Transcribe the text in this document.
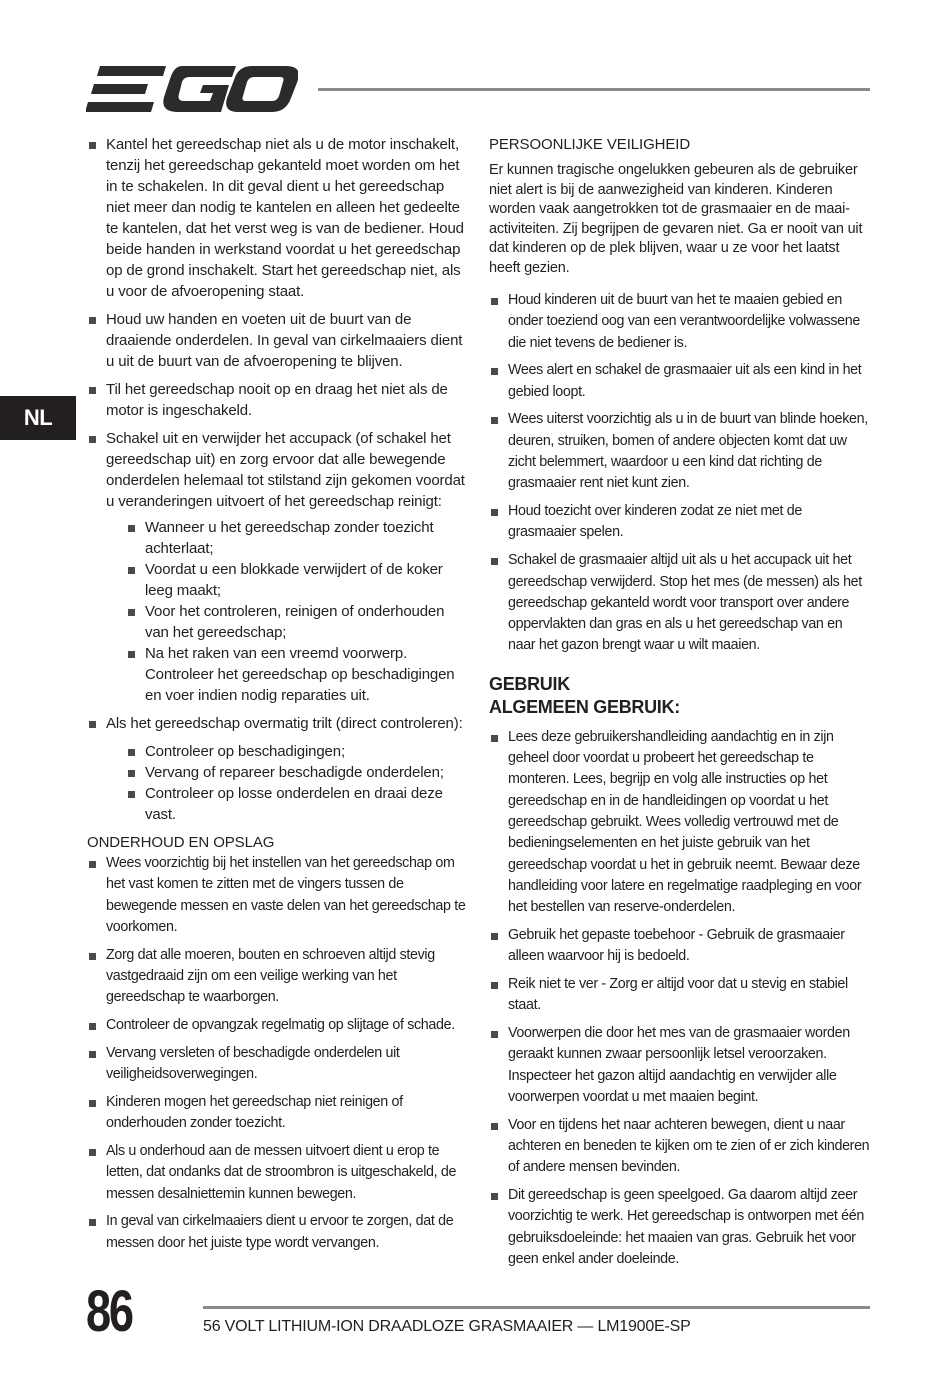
NL
Kantel het gereedschap niet als u de motor inschakelt, tenzij het gereedschap gekanteld moet worden om het in te schakelen. In dit geval dient u het gereedschap niet meer dan nodig te kantelen en alleen het gedeelte te kantelen, dat het verst weg is van de bediener. Houd beide handen in werkstand voordat u het gereedschap op de grond inschakelt. Start het gereedschap niet, als u voor de afvoeropening staat.
Houd uw handen en voeten uit de buurt van de draaiende onderdelen. In geval van cirkelmaaiers dient u uit de buurt van de afvoeropening te blijven.
Til het gereedschap nooit op en draag het niet als de motor is ingeschakeld.
Schakel uit en verwijder het accupack (of schakel het gereedschap uit) en zorg ervoor dat alle bewegende onderdelen helemaal tot stilstand zijn gekomen voordat u veranderingen uitvoert of het gereedschap reinigt:
Wanneer u het gereedschap zonder toezicht achterlaat;
Voordat u een blokkade verwijdert of de koker leeg maakt;
Voor het controleren, reinigen of onderhouden van het gereedschap;
Na het raken van een vreemd voorwerp. Controleer het gereedschap op beschadigingen en voer indien nodig reparaties uit.
Als het gereedschap overmatig trilt (direct controleren):
Controleer op beschadigingen;
Vervang of repareer beschadigde onderdelen;
Controleer op losse onderdelen en draai deze vast.
ONDERHOUD EN OPSLAG
Wees voorzichtig bij het instellen van het gereedschap om het vast komen te zitten met de vingers tussen de bewegende messen en vaste delen van het gereedschap te voorkomen.
Zorg dat alle moeren, bouten en schroeven altijd stevig vastgedraaid zijn om een veilige werking van het gereedschap te waarborgen.
Controleer de opvangzak regelmatig op slijtage of schade.
Vervang versleten of beschadigde onderdelen uit veiligheidsoverwegingen.
Kinderen mogen het gereedschap niet reinigen of onderhouden zonder toezicht.
Als u onderhoud aan de messen uitvoert dient u erop te letten, dat ondanks dat de stroombron is uitgeschakeld, de messen desalniettemin kunnen bewegen.
In geval van cirkelmaaiers dient u ervoor te zorgen, dat de messen door het juiste type wordt vervangen.
PERSOONLIJKE VEILIGHEID

Er kunnen tragische ongelukken gebeuren als de gebruiker niet alert is bij de aanwezigheid van kinderen. Kinderen worden vaak aangetrokken tot de grasmaaier en de maai-activiteiten. Zij begrijpen de gevaren niet. Ga er nooit van uit dat kinderen op de plek blijven, waar u ze voor het laatst heeft gezien.

Houd kinderen uit de buurt van het te maaien gebied en onder toeziend oog van een verantwoordelijke volwassene die niet tevens de bediener is.
Wees alert en schakel de grasmaaier uit als een kind in het gebied loopt.
Wees uiterst voorzichtig als u in de buurt van blinde hoeken, deuren, struiken, bomen of andere objecten komt dat uw zicht belemmert, waardoor u een kind dat richting de grasmaaier rent niet kunt zien.
Houd toezicht over kinderen zodat ze niet met de grasmaaier spelen.
Schakel de grasmaaier altijd uit als u het accupack uit het gereedschap verwijderd. Stop het mes (de messen) als het gereedschap gekanteld wordt voor transport over andere oppervlakten dan gras en als u het gereedschap van en naar het gazon brengt waar u wilt maaien.
GEBRUIK
ALGEMEEN GEBRUIK:
Lees deze gebruikershandleiding aandachtig en in zijn geheel door voordat u probeert het gereedschap te monteren. Lees, begrijp en volg alle instructies op het gereedschap en in de handleidingen op voordat u het gereedschap gebruikt. Wees volledig vertrouwd met de bedieningselementen en het juiste gebruik van het gereedschap voordat u het in gebruik neemt. Bewaar deze handleiding voor latere en regelmatige raadpleging en voor het bestellen van reserve-onderdelen.
Gebruik het gepaste toebehoor - Gebruik de grasmaaier alleen waarvoor hij is bedoeld.
Reik niet te ver - Zorg er altijd voor dat u stevig en stabiel staat.
Voorwerpen die door het mes van de grasmaaier worden geraakt kunnen zwaar persoonlijk letsel veroorzaken. Inspecteer het gazon altijd aandachtig en verwijder alle voorwerpen voordat u met maaien begint.
Voor en tijdens het naar achteren bewegen, dient u naar achteren en beneden te kijken om te zien of er zich kinderen of andere mensen bevinden.
Dit gereedschap is geen speelgoed. Ga daarom altijd zeer voorzichtig te werk. Het gereedschap is ontworpen met één gebruiksdoeleinde: het maaien van gras. Gebruik het voor geen enkel ander doeleinde.
86	56 VOLT LITHIUM-ION DRAADLOZE GRASMAAIER — LM1900E-SP
